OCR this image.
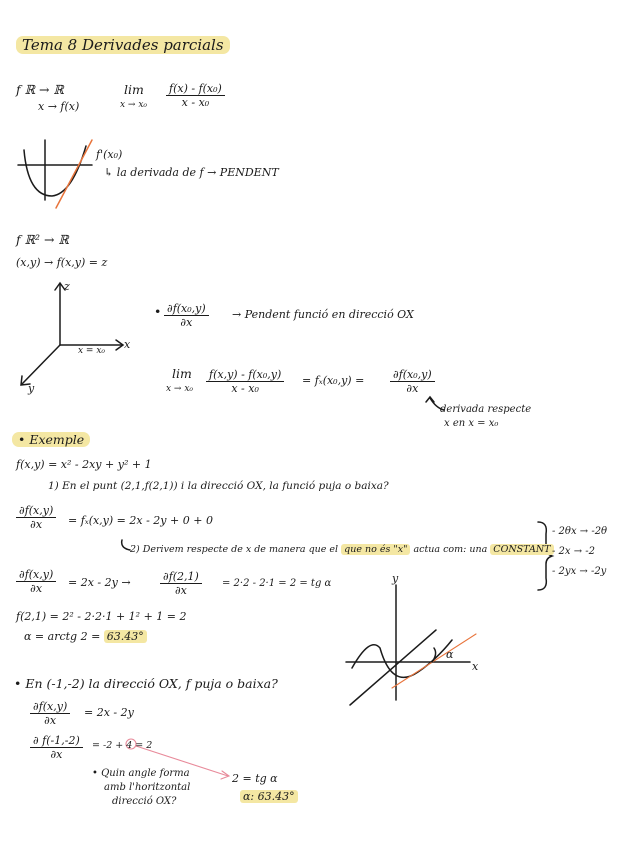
Tema 8 Derivades parcials
f ℝ → ℝ
x → f(x)
lim
$x \to x_0 \frac{\text{f(x) - f(x₀)}}{\text{x - x₀}}$
f'(x₀)
↳ la derivada de f → PENDENT
f ℝ² → ℝ
(x,y) → f(x,y) = z
z
x
y
x = x₀
• $\frac{\text{∂f(x₀,y)}}{\partial x}$ → Pendent funció en direcció OX
lim
$x \to x_0 \frac{\text{f(x,y) - f(x₀,y)}}{\text{x - x₀}} = f_x(x_0,y) = \frac{\text{∂f(x₀,y)}}{\partial x}$
derivada respecte
x en x = x₀
• Exemple
f(x,y) = x² - 2xy + y² + 1
1) En el punt (2,1,f(2,1)) i la direcció OX, la funció puja o baixa?
$\frac{\partial f(x,y)}{\partial x} = f_x(x,y) = 2x - 2y + 0 + 0$
2) Derivem respecte de x de manera que el que no és "x" actua com: una CONSTANT
- 2θx → -2θ
- 2x → -2
- 2yx → -2y
$\frac{\partial f(x,y)}{\partial x} = 2x - 2y$ →	$\frac{\partial f(2,1)}{\partial x} = 2\cdot 2 - 2\cdot 1 = 2$ = tg α
f(2,1) = 2² - 2·2·1 + 1² + 1 = 2
α = arctg 2 = 63.43°
y
x
α
• En (-1,-2) la direcció OX, f puja o baixa?
$\frac{\partial f(x,y)}{\partial x} = 2x - 2y$
$\frac{\partial f(-1,-2)}{\partial x} = -2 + 4 = 2$
• Quin angle forma
amb l'horitzontal
direcció OX?
2 = tg α
α: 63.43°
